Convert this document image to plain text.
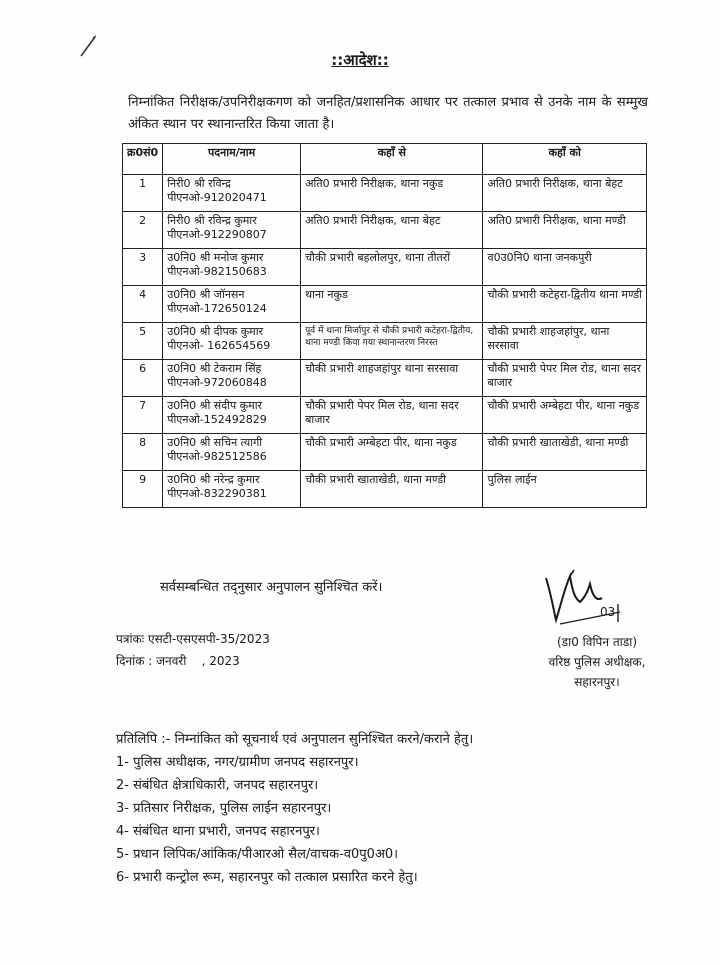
::आदेश::
निम्नांकित निरीक्षक/उपनिरीक्षकगण को जनहित/प्रशासनिक आधार पर तत्काल प्रभाव से उनके नाम के सम्मुख अंकित स्थान पर स्थानान्तरित किया जाता है।
क्र0सं0	पदनाम/नाम	कहाँ से	कहाँ को
1	निरी0 श्री रविन्द्र
पीएनओ-912020471	अति0 प्रभारी निरीक्षक, थाना नकुड	अति0 प्रभारी निरीक्षक, थाना बेहट
2	निरी0 श्री रविन्द्र कुमार
पीएनओ-912290807	अति0 प्रभारी निरीक्षक, थाना बेहट	अति0 प्रभारी निरीक्षक, थाना मण्डी
3	उ0नि0 श्री मनोज कुमार
पीएनओ-982150683	चौकी प्रभारी बहलोलपुर, थाना तीतरों	व0उ0नि0 थाना जनकपुरी
4	उ0नि0 श्री जॉनसन
पीएनओ-172650124	थाना नकुड	चौकी प्रभारी कटेहरा-द्वितीय थाना मण्डी
5	उ0नि0 श्री दीपक कुमार
पीएनओ- 162654569	पूर्व में थाना मिर्जापुर से चौकी प्रभारी कटेहरा-द्वितीय, थाना मण्डी किया गया स्थानान्तरण निरस्त	चौकी प्रभारी शाहजहांपुर, थाना सरसावा
6	उ0नि0 श्री टेकराम सिंह
पीएनओ-972060848	चौकी प्रभारी शाहजहांपुर थाना सरसावा	चौकी प्रभारी पेपर मिल रोड, थाना सदर बाजार
7	उ0नि0 श्री संदीप कुमार
पीएनओ-152492829	चौकी प्रभारी पेपर मिल रोड, थाना सदर बाजार	चौकी प्रभारी अम्बेहटा पीर, थाना नकुड
8	उ0नि0 श्री सचिन त्यागी
पीएनओ-982512586	चौकी प्रभारी अम्बेहटा पीर, थाना नकुड	चौकी प्रभारी खाताखेडी, थाना मण्डी
9	उ0नि0 श्री नरेन्द्र कुमार
पीएनओ-832290381	चौकी प्रभारी खाताखेडी, थाना मण्डी	पुलिस लाईन
सर्वसम्बन्धित तद्नुसार अनुपालन सुनिश्चित करें।
03
पत्रांकः एसटी-एसएसपी-35/2023
दिनांक : जनवरी    , 2023
(डा0 विपिन ताडा)
वरिष्ठ पुलिस अधीक्षक,
सहारनपुर।
प्रतिलिपि :- निम्नांकित को सूचनार्थ एवं अनुपालन सुनिश्चित करने/कराने हेतु।
1- पुलिस अधीक्षक, नगर/ग्रामीण जनपद सहारनपुर।
2- संबंधित क्षेत्राधिकारी, जनपद सहारनपुर।
3- प्रतिसार निरीक्षक, पुलिस लाईन सहारनपुर।
4- संबंधित थाना प्रभारी, जनपद सहारनपुर।
5- प्रधान लिपिक/आंकिक/पीआरओ सैल/वाचक-व0पु0अ0।
6- प्रभारी कन्ट्रोल रूम, सहारनपुर को तत्काल प्रसारित करने हेतु।
